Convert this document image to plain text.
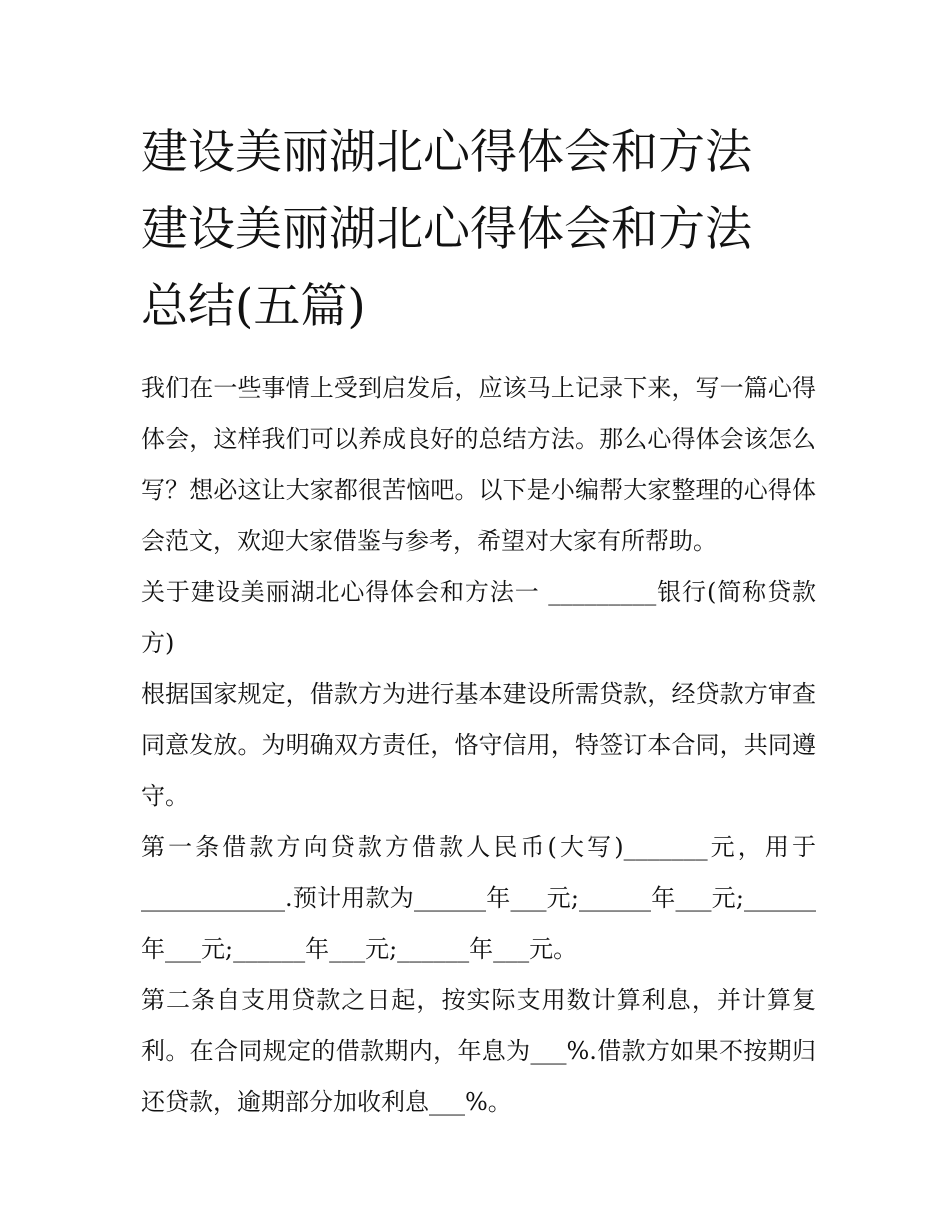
建设美丽湖北心得体会和方法
建设美丽湖北心得体会和方法
总结(五篇)

我们在一些事情上受到启发后，应该马上记录下来，写一篇心得体会，这样我们可以养成良好的总结方法。那么心得体会该怎么写？想必这让大家都很苦恼吧。以下是小编帮大家整理的心得体会范文，欢迎大家借鉴与参考，希望对大家有所帮助。

关于建设美丽湖北心得体会和方法一 _________银行(简称贷款方)

根据国家规定，借款方为进行基本建设所需贷款，经贷款方审查同意发放。为明确双方责任，恪守信用，特签订本合同，共同遵守。

第一条借款方向贷款方借款人民币(大写)_______元，用于____________.预计用款为______年___元;______年___元;______年___元;______年___元;______年___元。

第二条自支用贷款之日起，按实际支用数计算利息，并计算复利。在合同规定的借款期内，年息为___%.借款方如果不按期归还贷款，逾期部分加收利息___%。
